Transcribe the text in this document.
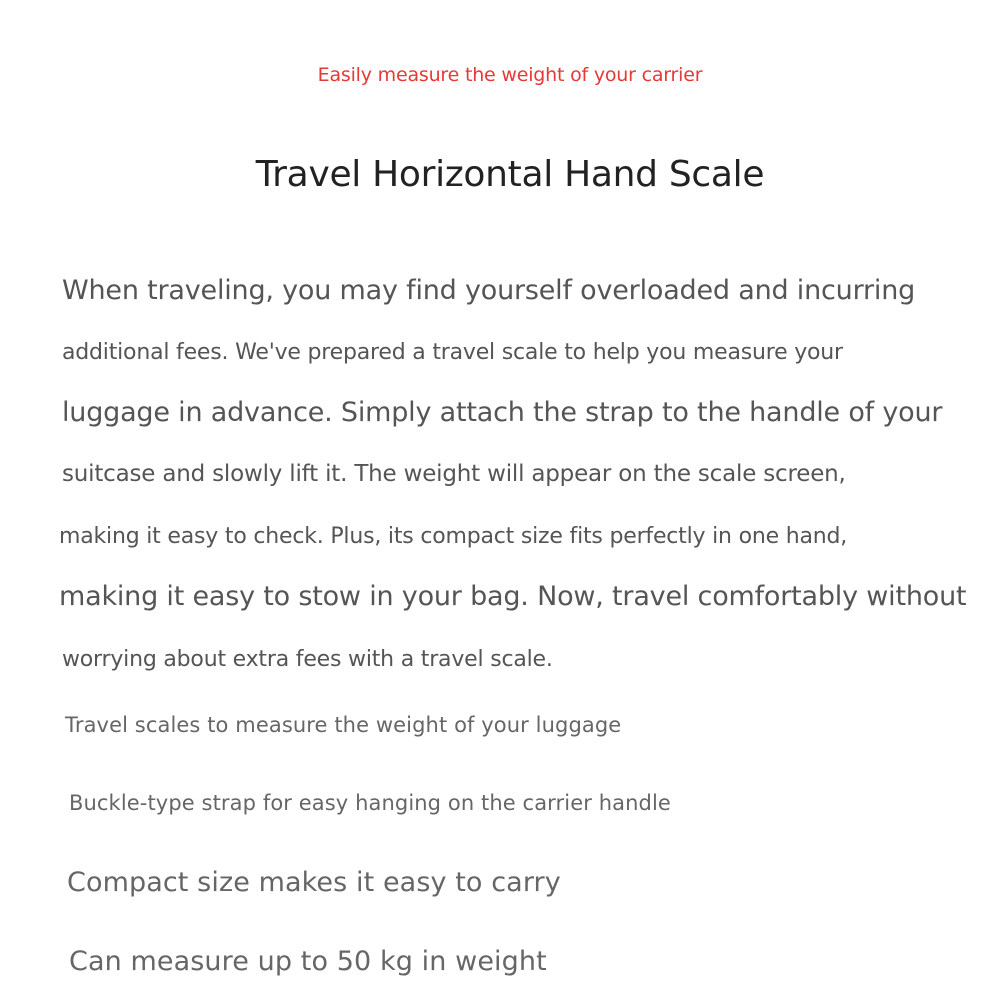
Easily measure the weight of your carrier
Travel Horizontal Hand Scale
When traveling, you may find yourself overloaded and incurring
additional fees. We've prepared a travel scale to help you measure your
luggage in advance. Simply attach the strap to the handle of your
suitcase and slowly lift it. The weight will appear on the scale screen,
making it easy to check. Plus, its compact size fits perfectly in one hand,
making it easy to stow in your bag. Now, travel comfortably without
worrying about extra fees with a travel scale.
Travel scales to measure the weight of your luggage
Buckle-type strap for easy hanging on the carrier handle
Compact size makes it easy to carry
Can measure up to 50 kg in weight
